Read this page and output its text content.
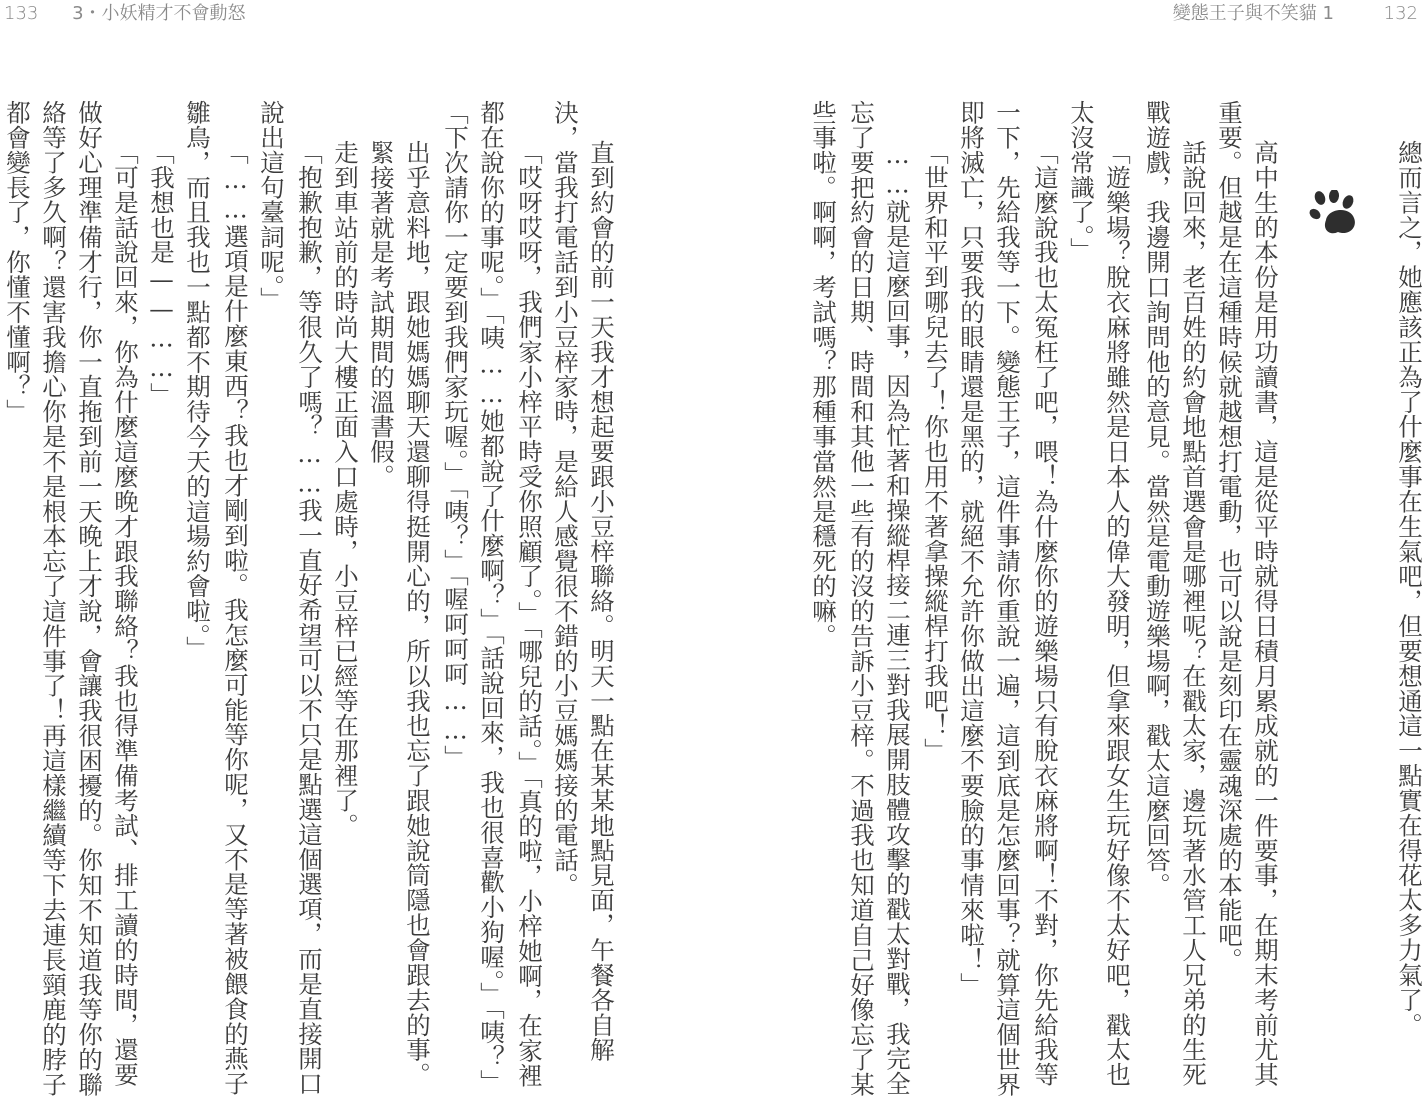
133 3・小妖精才不會動怒	變態王子與不笑貓 1	132
總而言之，她應該正為了什麼事在生氣吧，但要想通這一點實在得花太多力氣了。
高中生的本份是用功讀書，這是從平時就得日積月累成就的一件要事，在期末考前尤其
重要。但越是在這種時候就越想打電動，也可以說是刻印在靈魂深處的本能吧。
話說回來，老百姓的約會地點首選會是哪裡呢？在戳太家，邊玩著水管工人兄弟的生死
戰遊戲，我邊開口詢問他的意見。當然是電動遊樂場啊，戳太這麼回答。
「遊樂場？脫衣麻將雖然是日本人的偉大發明，但拿來跟女生玩好像不太好吧，戳太也
太沒常識了。」
「這麼說我也太冤枉了吧，喂！為什麼你的遊樂場只有脫衣麻將啊！不對，你先給我等
一下，先給我等一下。變態王子，這件事請你重說一遍，這到底是怎麼回事？就算這個世界
即將滅亡，只要我的眼睛還是黑的，就絕不允許你做出這麼不要臉的事情來啦！」
「世界和平到哪兒去了！你也用不著拿操縱桿打我吧！」
……就是這麼回事，因為忙著和操縱桿接二連三對我展開肢體攻擊的戳太對戰，我完全
忘了要把約會的日期、時間和其他一些有的沒的告訴小豆梓。不過我也知道自己好像忘了某
些事啦。啊啊，考試嗎？那種事當然是穩死的嘛。
直到約會的前一天我才想起要跟小豆梓聯絡。明天一點在某某地點見面，午餐各自解
決，當我打電話到小豆梓家時，是給人感覺很不錯的小豆媽媽接的電話。
「哎呀哎呀，我們家小梓平時受你照顧了。」「哪兒的話。」「真的啦，小梓她啊，在家裡
都在說你的事呢。」「咦……她都說了什麼啊？」「話說回來，我也很喜歡小狗喔。」「咦？」
「下次請你一定要到我們家玩喔。」「咦？」「喔呵呵呵……」
出乎意料地，跟她媽媽聊天還聊得挺開心的，所以我也忘了跟她說筒隱也會跟去的事。
緊接著就是考試期間的溫書假。
走到車站前的時尚大樓正面入口處時，小豆梓已經等在那裡了。
「抱歉抱歉，等很久了嗎？……我一直好希望可以不只是點選這個選項，而是直接開口
說出這句臺詞呢。」
「……選項是什麼東西？我也才剛到啦。我怎麼可能等你呢，又不是等著被餵食的燕子
雛鳥，而且我也一點都不期待今天的這場約會啦。」
「我想也是——……」
「可是話說回來，你為什麼這麼晚才跟我聯絡？我也得準備考試、排工讀的時間，還要
做好心理準備才行，你一直拖到前一天晚上才說，會讓我很困擾的。你知不知道我等你的聯
絡等了多久啊？還害我擔心你是不是根本忘了這件事了！再這樣繼續等下去連長頸鹿的脖子
都會變長了，你懂不懂啊？」
